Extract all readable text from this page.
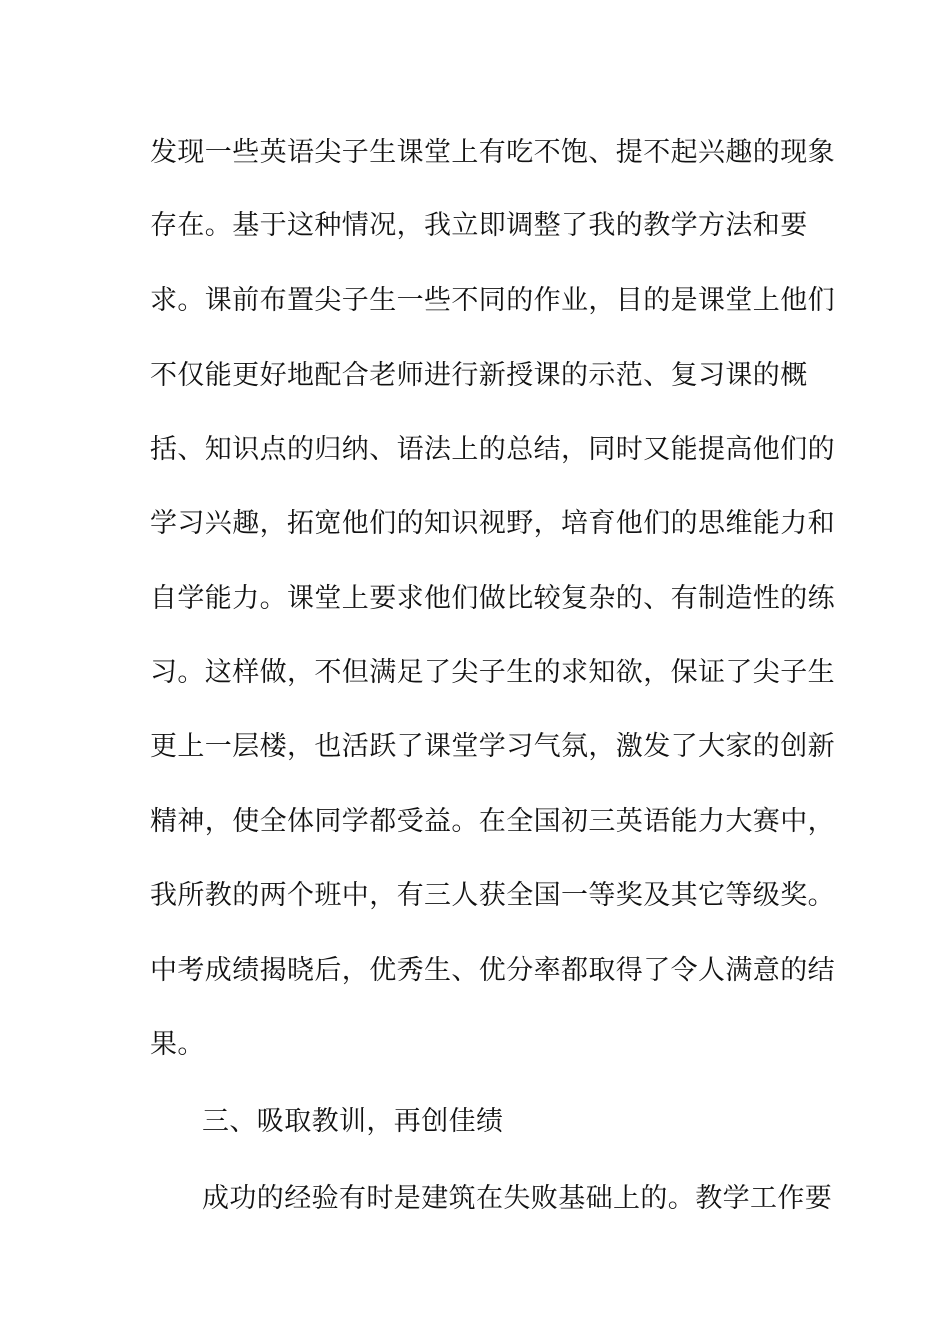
发现一些英语尖子生课堂上有吃不饱、提不起兴趣的现象
存在。基于这种情况，我立即调整了我的教学方法和要
求。课前布置尖子生一些不同的作业，目的是课堂上他们
不仅能更好地配合老师进行新授课的示范、复习课的概
括、知识点的归纳、语法上的总结，同时又能提高他们的
学习兴趣，拓宽他们的知识视野，培育他们的思维能力和
自学能力。课堂上要求他们做比较复杂的、有制造性的练
习。这样做，不但满足了尖子生的求知欲，保证了尖子生
更上一层楼，也活跃了课堂学习气氛，激发了大家的创新
精神，使全体同学都受益。在全国初三英语能力大赛中，
我所教的两个班中，有三人获全国一等奖及其它等级奖。
中考成绩揭晓后，优秀生、优分率都取得了令人满意的结
果。
三、吸取教训，再创佳绩
成功的经验有时是建筑在失败基础上的。教学工作要
